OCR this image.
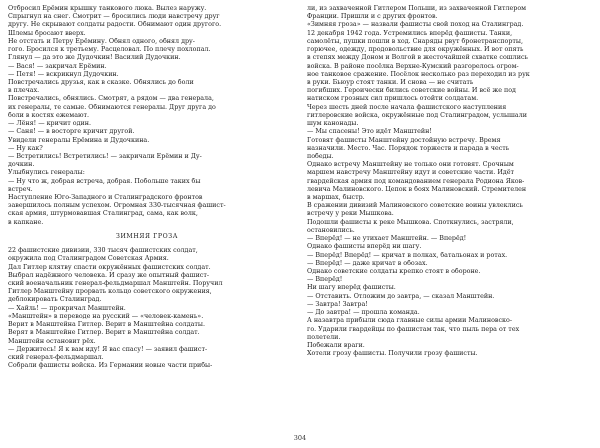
Отбросил Ерёмин крышку танкового люка. Вылез наружу.
Спрыгнул на снег. Смотрит — бросились люди навстречу друг
другу. Не скрывают солдаты радости. Обнимают один другого.
Шлемы бросают вверх.
Не отстать и Петру Ерёмину. Обнял одного, обнял дру-
гого. Бросился к третьему. Расцеловал. По плечу похлопал.
Глянул — да это же Дудочкин! Василий Дудочкин.
— Вася! — закричал Ерёмин.
— Петя! — вскрикнул Дудочкин.
Повстречались друзья, как в сказке. Обнялись до боли
в плечах.
Повстречались, обнялись. Смотрят, а рядом — два генерала,
их генералы, те самые. Обнимаются генералы. Друг друга до
боли в костях ежемают.
— Лёня! — кричит один.
— Саня! — в восторге кричит другой.
Увидели генералы Ерёмина и Дудочкина.
— Ну как?
— Встретились! Встретились! — закричали Ерёмин и Ду-
дочкин.
Улыбнулись генералы:
— Ну что ж, добрая встреча, добрая. Побольше таких бы
встреч.
Наступление Юго-Западного и Сталинградского фронтов
завершилось полным успехом. Огромная 330-тысячная фашист-
ская армия, штурмовавшая Сталинград, сама, как волк,
в капкане.
ЗИМНЯЯ ГРОЗА
22 фашистские дивизии, 330 тысяч фашистских солдат,
окружила под Сталинградом Советская Армия.
Дал Гитлер клятву спасти окружённых фашистских солдат.
Выбрал надёжного человека. И сразу же опытный фашист-
ский военачальник генерал-фельдмаршал Манштейн. Поручил
Гитлер Манштейну прорвать кольцо советского окружения,
деблокировать Сталинград.
— Хайль! — прокричал Манштейн.
«Манштейн» в переводе на русский — «человек-камень».
Верит в Манштейна Гитлер. Верит в Манштейна солдаты.
Верят в Манштейне Гитлер. Верит в Манштейна солдат.
Манштейн остановит рёх.
— Держитесь! Я к вам иду! Я вас спасу! — заявил фашист-
ский генерал-фельдмаршал.
Собрали фашисты войска. Из Германии новые части прибы-
ли, из захваченной Гитлером Польши, из захваченной Гитлером
Франции. Пришли и с других фронтов.
«Зимняя гроза» — назвали фашисты свой поход на Сталинград.
12 декабря 1942 года. Устремились вперёд фашисты. Танки,
самолёты, пушки пошли в ход. Снаряды рвут бронетранспорты,
горючее, одежду, продовольствие для окружённых. И вот опять
в степях между Доном и Волгой в жесточайшей схватке сошлись
войска. В районе посёлка Верхне-Кумский разгорелось огром-
ное танковое сражение. Посёлок несколько раз переходил из рук
в руки. Бьюур стоят танки. И снова — не считать
погибших. Героически бились советские войны. И всё же под
натиском грозных сил пришлось отойти солдатам.
Через шесть дней после начала фашистского наступления
гитлеровские войска, окружённые под Сталинградом, услышали
шум канонады.
— Мы спасены! Это идёт Манштейн!
Готовят фашисты Манштейну достойную встречу. Время
назначили. Место. Час. Порядок торжеств и парада в честь
победы.
Однако встречу Манштейну не только они готовят. Срочным
маршем навстречу Манштейну идут и советские части. Идёт
гвардейская армия под командованием генерала Родиона Яков-
левича Малиновского. Цепок в боях Малиновский. Стремителен
в маршах, быстр.
В сражении дивизий Малиновского советские воины увлеклись
встречу у реки Мышкова.
Подошли фашисты к реке Мышкова. Споткнулись, застряли,
остановились.
— Вперёд! — не утихает Манштейн. — Вперёд!
Однако фашисты вперёд ни шагу.
— Вперёд! Вперёд! — кричат в полках, батальонах и ротах.
— Вперёд! — даже кричат в обозах.
Однако советские солдаты крепко стоят в обороне.
— Вперёд!
Ни шагу вперёд фашисты.
— Отставить. Отложим до завтра, — сказал Манштейн.
— Завтра! Завтра!
— До завтра! — прошла команда.
А назавтра прибыли сюда главные силы армии Малиновско-
го. Ударили гвардейцы по фашистам так, что пыль пера от тех
полетели.
Побежали враги.
Хотели грозу фашисты. Получили грозу фашисты.
304
